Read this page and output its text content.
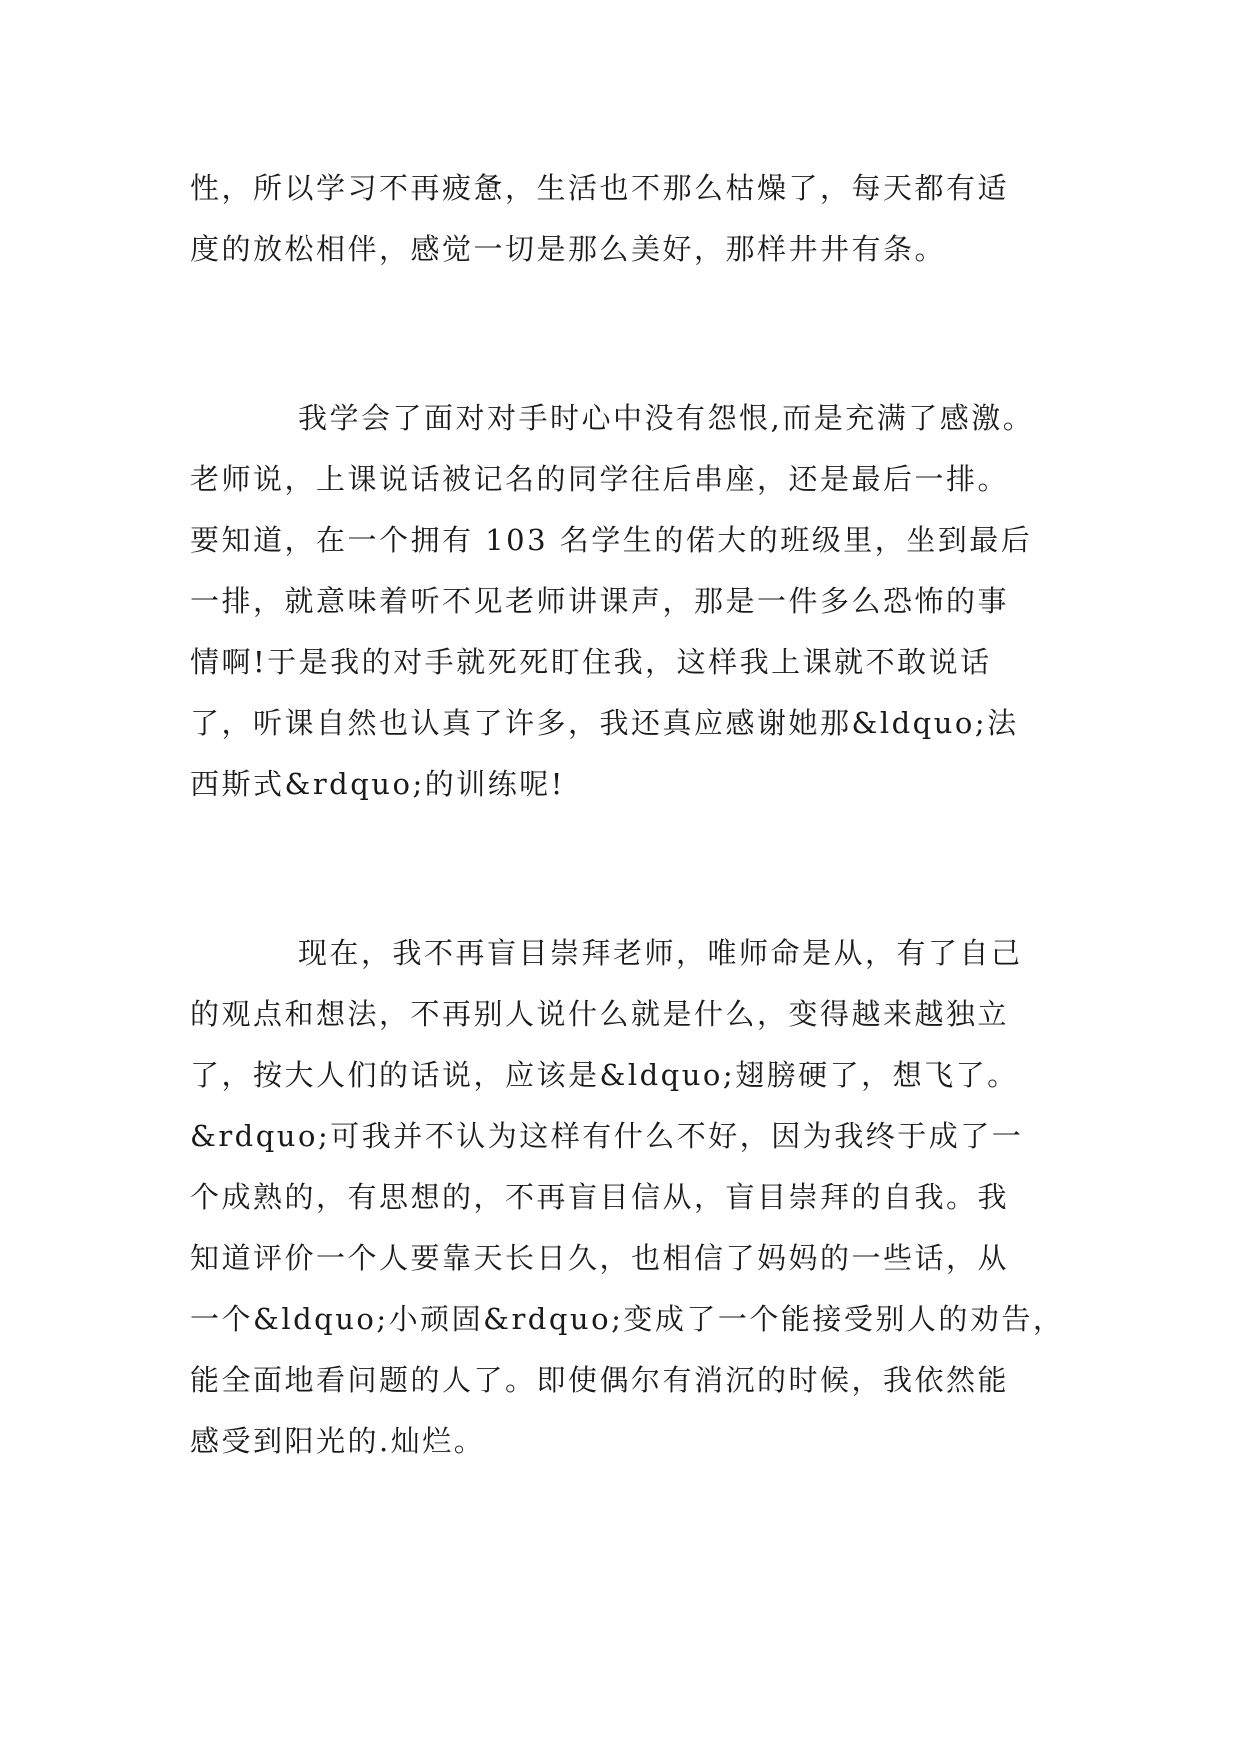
性，所以学习不再疲惫，生活也不那么枯燥了，每天都有适

度的放松相伴，感觉一切是那么美好，那样井井有条。

我学会了面对对手时心中没有怨恨,而是充满了感激。

老师说，上课说话被记名的同学往后串座，还是最后一排。

要知道，在一个拥有 103 名学生的偌大的班级里，坐到最后

一排，就意味着听不见老师讲课声，那是一件多么恐怖的事

情啊!于是我的对手就死死盯住我，这样我上课就不敢说话

了，听课自然也认真了许多，我还真应感谢她那&ldquo;法

西斯式&rdquo;的训练呢!

现在，我不再盲目崇拜老师，唯师命是从，有了自己

的观点和想法，不再别人说什么就是什么，变得越来越独立

了，按大人们的话说，应该是&ldquo;翅膀硬了，想飞了。

&rdquo;可我并不认为这样有什么不好，因为我终于成了一

个成熟的，有思想的，不再盲目信从，盲目崇拜的自我。我

知道评价一个人要靠天长日久，也相信了妈妈的一些话，从

一个&ldquo;小顽固&rdquo;变成了一个能接受别人的劝告，

能全面地看问题的人了。即使偶尔有消沉的时候，我依然能

感受到阳光的.灿烂。
